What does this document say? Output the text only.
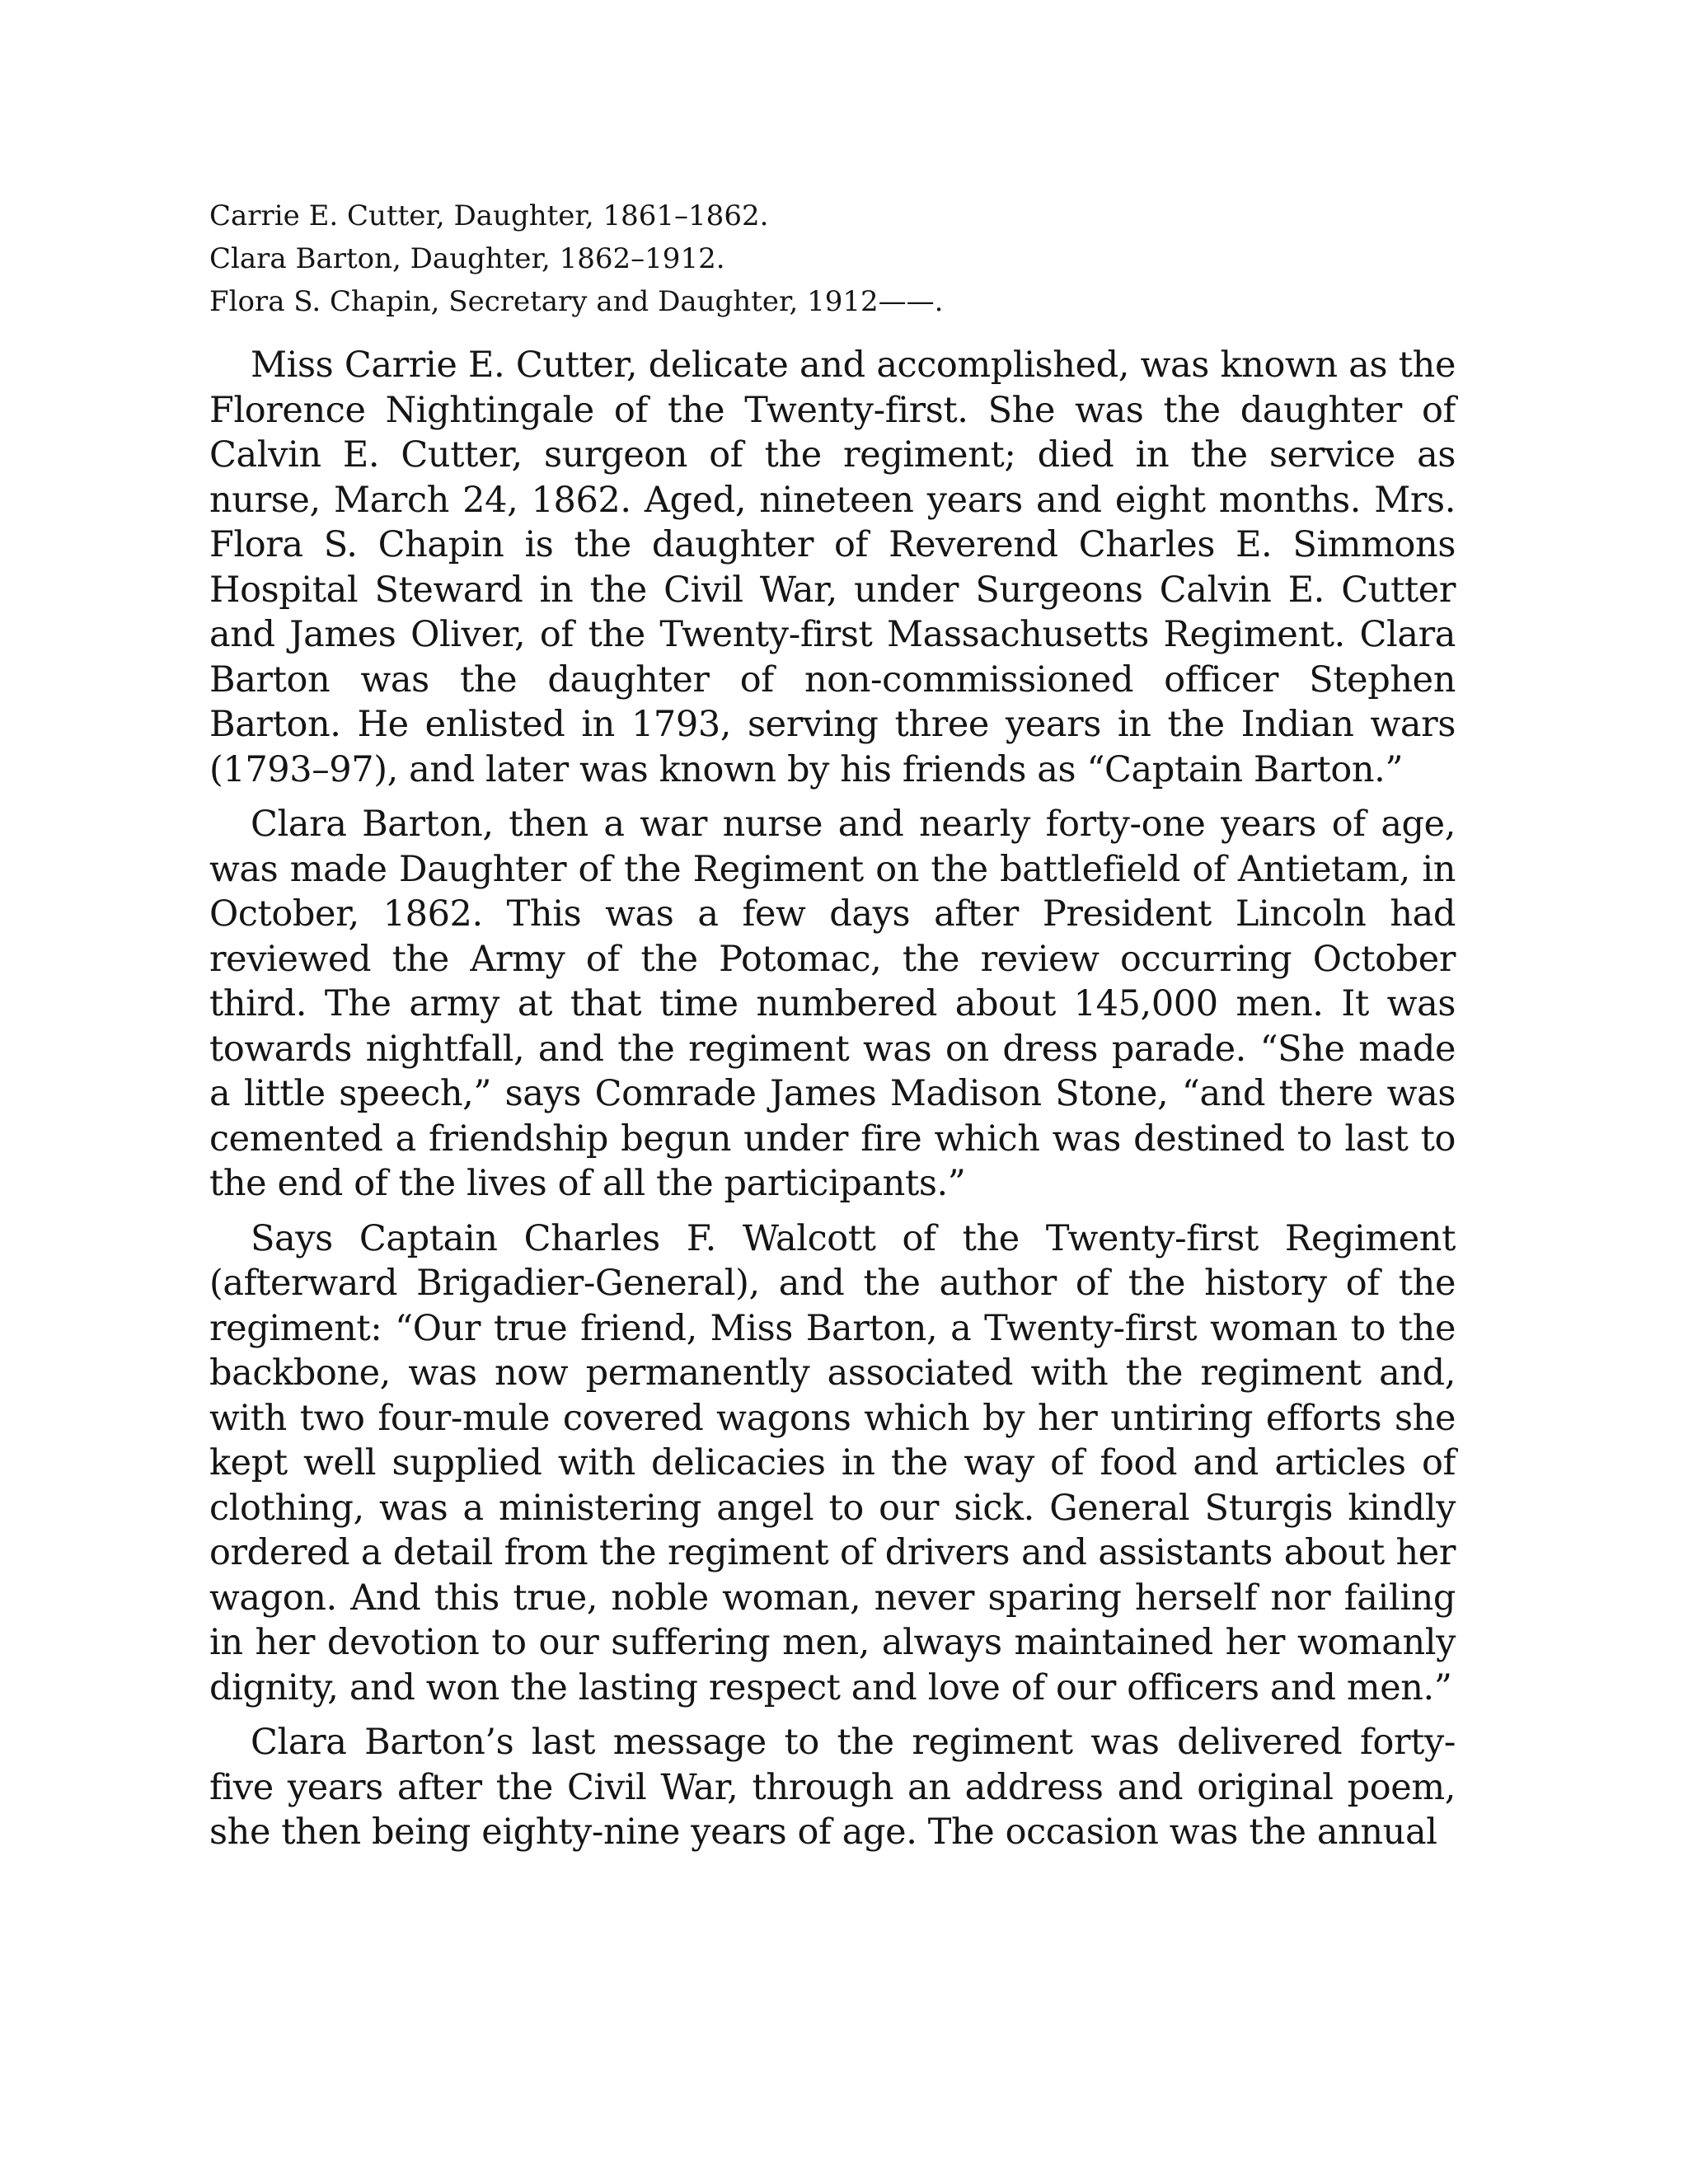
Carrie E. Cutter, Daughter, 1861–1862.
Clara Barton, Daughter, 1862–1912.
Flora S. Chapin, Secretary and Daughter, 1912——.

Miss Carrie E. Cutter, delicate and accomplished, was known as the Florence Nightingale of the Twenty-first. She was the daughter of Calvin E. Cutter, surgeon of the regiment; died in the service as nurse, March 24, 1862. Aged, nineteen years and eight months. Mrs. Flora S. Chapin is the daughter of Reverend Charles E. Simmons Hospital Steward in the Civil War, under Surgeons Calvin E. Cutter and James Oliver, of the Twenty-first Massachusetts Regiment. Clara Barton was the daughter of non-commissioned officer Stephen Barton. He enlisted in 1793, serving three years in the Indian wars (1793–97), and later was known by his friends as “Captain Barton.”

Clara Barton, then a war nurse and nearly forty-one years of age, was made Daughter of the Regiment on the battlefield of Antietam, in October, 1862. This was a few days after President Lincoln had reviewed the Army of the Potomac, the review occurring October third. The army at that time numbered about 145,000 men. It was towards nightfall, and the regiment was on dress parade. “She made a little speech,” says Comrade James Madison Stone, “and there was cemented a friendship begun under fire which was destined to last to the end of the lives of all the participants.”

Says Captain Charles F. Walcott of the Twenty-first Regiment (afterward Brigadier-General), and the author of the history of the regiment: “Our true friend, Miss Barton, a Twenty-first woman to the backbone, was now permanently associated with the regiment and, with two four-mule covered wagons which by her untiring efforts she kept well supplied with delicacies in the way of food and articles of clothing, was a ministering angel to our sick. General Sturgis kindly ordered a detail from the regiment of drivers and assistants about her wagon. And this true, noble woman, never sparing herself nor failing in her devotion to our suffering men, always maintained her womanly dignity, and won the lasting respect and love of our officers and men.”

Clara Barton’s last message to the regiment was delivered forty-five years after the Civil War, through an address and original poem, she then being eighty-nine years of age. The occasion was the annual
